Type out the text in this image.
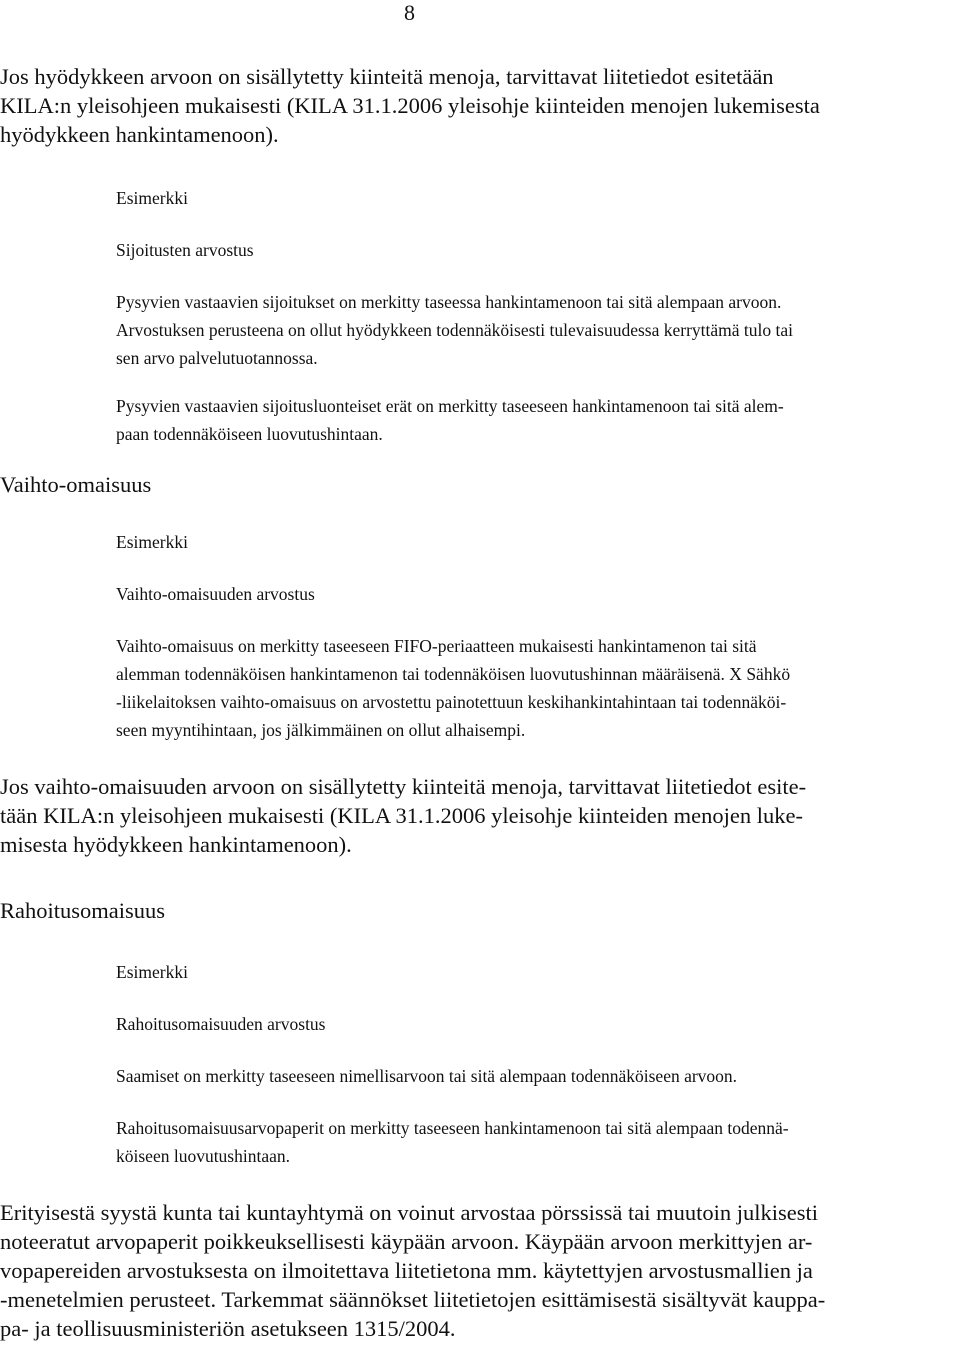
8
Jos hyödykkeen arvoon on sisällytetty kiinteitä menoja, tarvittavat liitetiedot esitetään
KILA:n yleisohjeen mukaisesti (KILA 31.1.2006 yleisohje kiinteiden menojen lukemisesta
hyödykkeen hankintamenoon).
Esimerkki
Sijoitusten arvostus
Pysyvien vastaavien sijoitukset on merkitty taseessa hankintamenoon tai sitä alempaan arvoon.
Arvostuksen perusteena on ollut hyödykkeen todennäköisesti tulevaisuudessa kerryttämä tulo tai
sen arvo palvelutuotannossa.
Pysyvien vastaavien sijoitusluonteiset erät on merkitty taseeseen hankintamenoon tai sitä alem-
paan todennäköiseen luovutushintaan.
Vaihto-omaisuus
Esimerkki
Vaihto-omaisuuden arvostus
Vaihto-omaisuus on merkitty taseeseen FIFO-periaatteen mukaisesti hankintamenon tai sitä
alemman todennäköisen hankintamenon tai todennäköisen luovutushinnan määräisenä. X Sähkö
-liikelaitoksen vaihto-omaisuus on arvostettu painotettuun keskihankintahintaan tai todennäköi-
seen myyntihintaan, jos jälkimmäinen on ollut alhaisempi.
Jos vaihto-omaisuuden arvoon on sisällytetty kiinteitä menoja, tarvittavat liitetiedot esite-
tään KILA:n yleisohjeen mukaisesti (KILA 31.1.2006 yleisohje kiinteiden menojen luke-
misesta hyödykkeen hankintamenoon).
Rahoitusomaisuus
Esimerkki
Rahoitusomaisuuden arvostus
Saamiset on merkitty taseeseen nimellisarvoon tai sitä alempaan todennäköiseen arvoon.
Rahoitusomaisuusarvopaperit on merkitty taseeseen hankintamenoon tai sitä alempaan todennä-
köiseen luovutushintaan.
Erityisestä syystä kunta tai kuntayhtymä on voinut arvostaa pörssissä tai muutoin julkisesti
noteeratut arvopaperit poikkeuksellisesti käypään arvoon. Käypään arvoon merkittyjen ar-
vopapereiden arvostuksesta on ilmoitettava liitetietona mm. käytettyjen arvostusmallien ja
-menetelmien perusteet. Tarkemmat säännökset liitetietojen esittämisestä sisältyvät kauppa-
pa- ja teollisuusministeriön asetukseen 1315/2004.
